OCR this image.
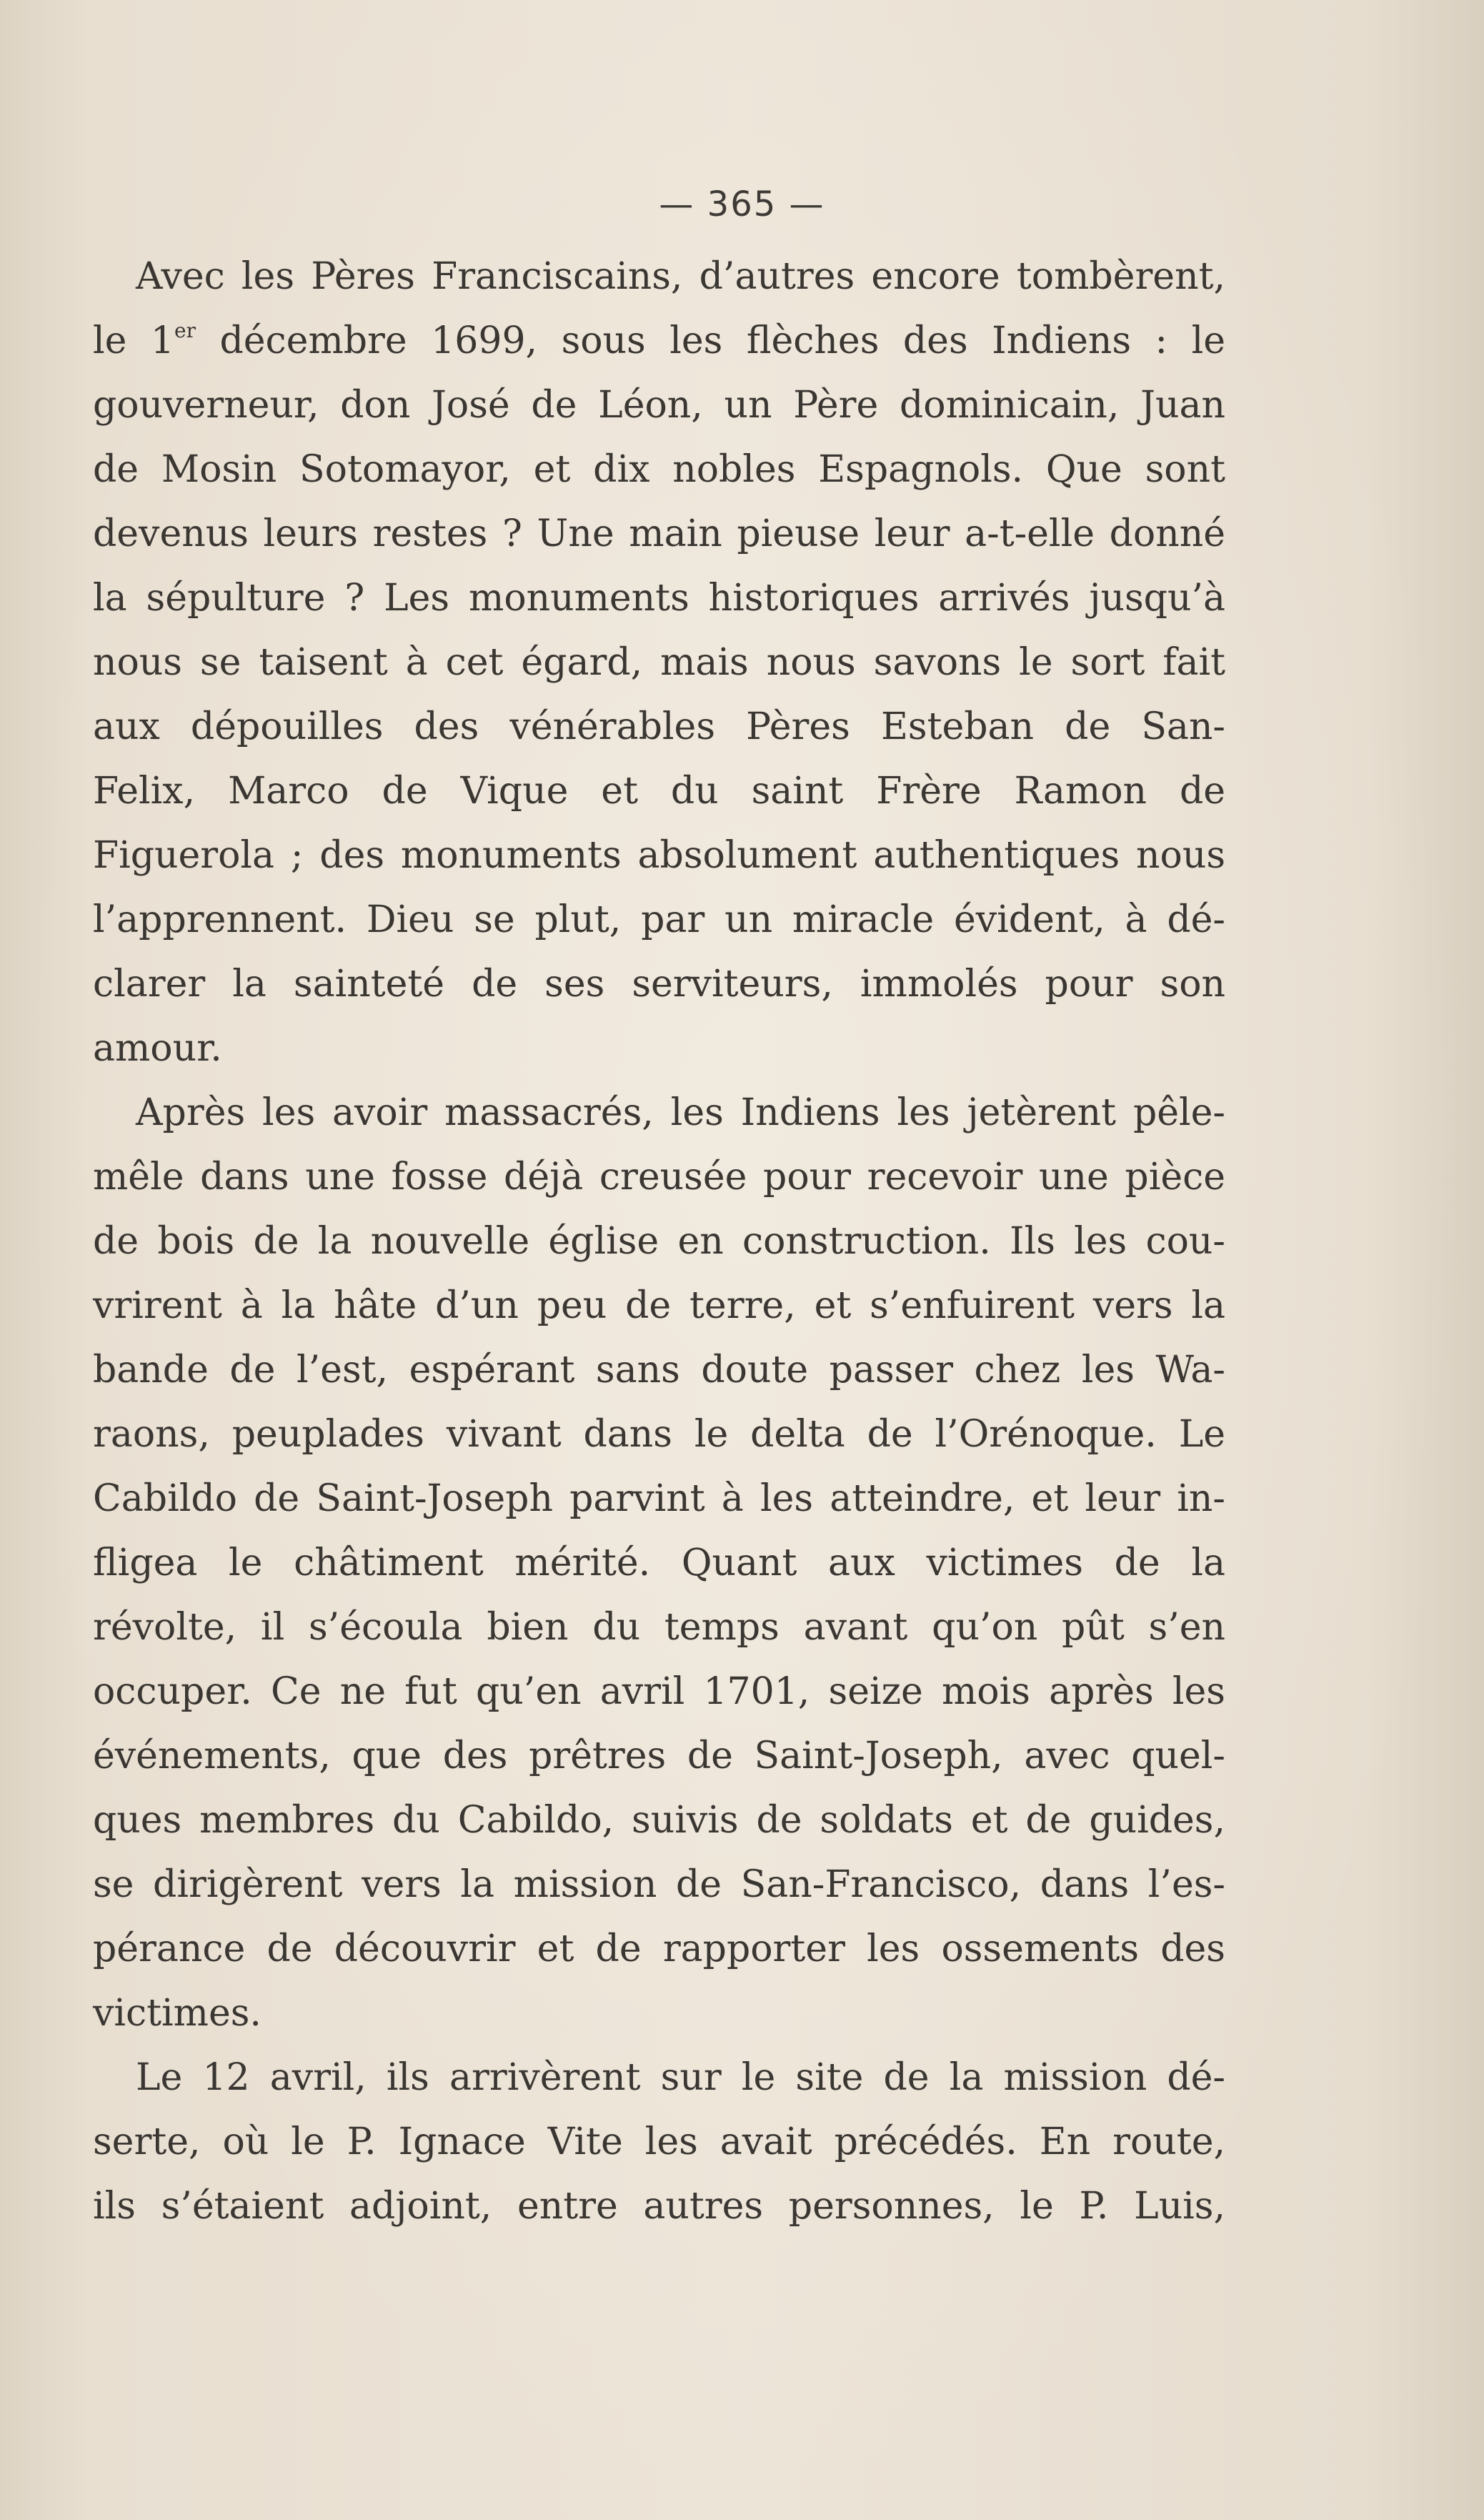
— 365 —
Avec les Pères Franciscains, d’autres encore tombèrent,
le 1er décembre 1699, sous les flèches des Indiens : le
gouverneur, don José de Léon, un Père dominicain, Juan
de Mosin Sotomayor, et dix nobles Espagnols. Que sont
devenus leurs restes ? Une main pieuse leur a-t-elle donné
la sépulture ? Les monuments historiques arrivés jusqu’à
nous se taisent à cet égard, mais nous savons le sort fait
aux dépouilles des vénérables Pères Esteban de San-
Felix, Marco de Vique et du saint Frère Ramon de
Figuerola ; des monuments absolument authentiques nous
l’apprennent. Dieu se plut, par un miracle évident, à dé-
clarer la sainteté de ses serviteurs, immolés pour son
amour.
Après les avoir massacrés, les Indiens les jetèrent pêle-
mêle dans une fosse déjà creusée pour recevoir une pièce
de bois de la nouvelle église en construction. Ils les cou-
vrirent à la hâte d’un peu de terre, et s’enfuirent vers la
bande de l’est, espérant sans doute passer chez les Wa-
raons, peuplades vivant dans le delta de l’Orénoque. Le
Cabildo de Saint-Joseph parvint à les atteindre, et leur in-
fligea le châtiment mérité. Quant aux victimes de la
révolte, il s’écoula bien du temps avant qu’on pût s’en
occuper. Ce ne fut qu’en avril 1701, seize mois après les
événements, que des prêtres de Saint-Joseph, avec quel-
ques membres du Cabildo, suivis de soldats et de guides,
se dirigèrent vers la mission de San-Francisco, dans l’es-
pérance de découvrir et de rapporter les ossements des
victimes.
Le 12 avril, ils arrivèrent sur le site de la mission dé-
serte, où le P. Ignace Vite les avait précédés. En route,
ils s’étaient adjoint, entre autres personnes, le P. Luis,
